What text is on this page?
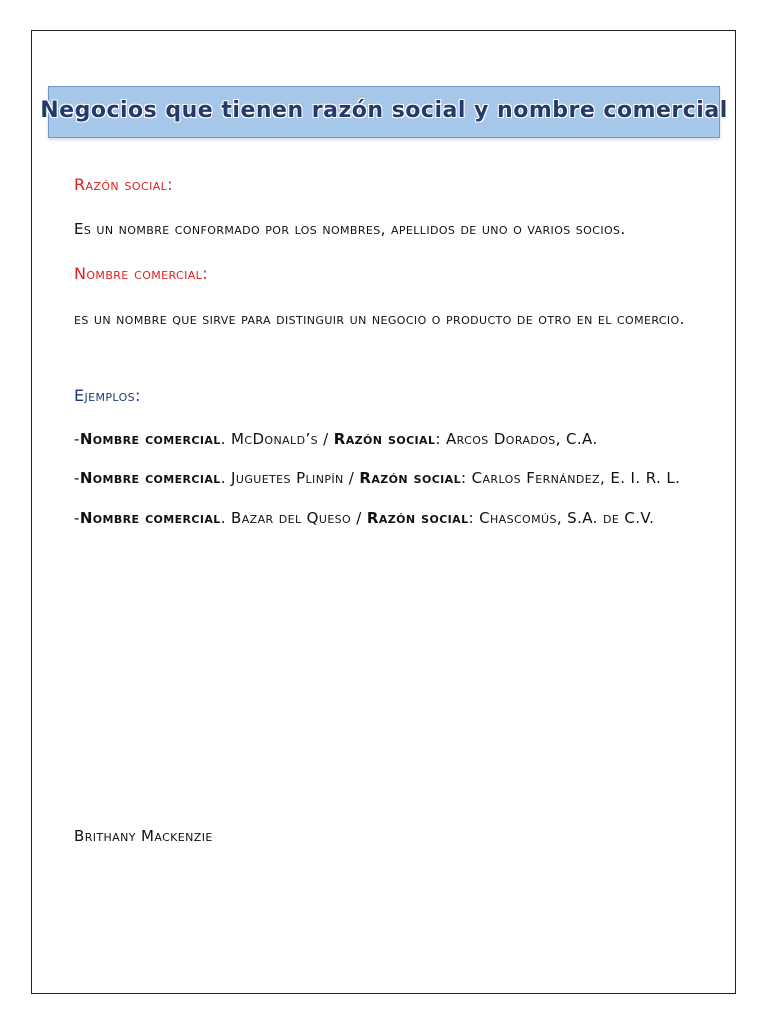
Negocios que tienen razón social y nombre comercial
Razón social:
Es un nombre conformado por los nombres, apellidos de uno o varios socios.
Nombre comercial:
es un nombre que sirve para distinguir un negocio o producto de otro en el comercio.
Ejemplos:
-Nombre comercial. McDonald’s / Razón social: Arcos Dorados, C.A.
-Nombre comercial. Juguetes Plinpín / Razón social: Carlos Fernández, E. I. R. L.
-Nombre comercial. Bazar del Queso / Razón social: Chascomús, S.A. de C.V.
Brithany Mackenzie
